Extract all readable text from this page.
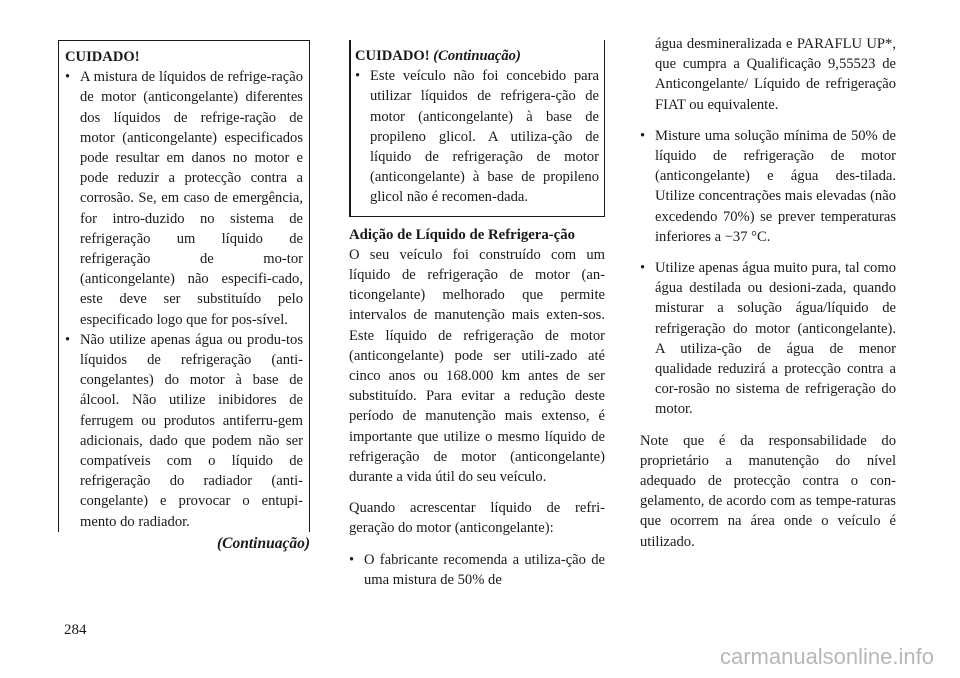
CUIDADO!
• A mistura de líquidos de refrige-ração de motor (anticongelante) diferentes dos líquidos de refrige-ração de motor (anticongelante) especificados pode resultar em danos no motor e pode reduzir a protecção contra a corrosão. Se, em caso de emergência, for intro-duzido no sistema de refrigeração um líquido de refrigeração de mo-tor (anticongelante) não especifi-cado, este deve ser substituído pelo especificado logo que for pos-sível.
• Não utilize apenas água ou produ-tos líquidos de refrigeração (anti-congelantes) do motor à base de álcool. Não utilize inibidores de ferrugem ou produtos antiferru-gem adicionais, dado que podem não ser compatíveis com o líquido de refrigeração do radiador (anti-congelante) e provocar o entupi-mento do radiador.
(Continuação)
CUIDADO! (Continuação)
• Este veículo não foi concebido para utilizar líquidos de refrigera-ção de motor (anticongelante) à base de propileno glicol. A utiliza-ção de líquido de refrigeração de motor (anticongelante) à base de propileno glicol não é recomen-dada.
Adição de Líquido de Refrigera-ção

O seu veículo foi construído com um líquido de refrigeração de motor (an-ticongelante) melhorado que permite intervalos de manutenção mais exten-sos. Este líquido de refrigeração de motor (anticongelante) pode ser utili-zado até cinco anos ou 168.000 km antes de ser substituído. Para evitar a redução deste período de manutenção mais extenso, é importante que utilize o mesmo líquido de refrigeração de motor (anticongelante) durante a vida útil do seu veículo.

Quando acrescentar líquido de refri-geração do motor (anticongelante):

• O fabricante recomenda a utiliza-ção de uma mistura de 50% de

água desmineralizada e PARAFLU UP*, que cumpra a Qualificação 9,55523 de Anticongelante/ Líquido de refrigeração FIAT ou equivalente.

• Misture uma solução mínima de 50% de líquido de refrigeração de motor (anticongelante) e água des-tilada. Utilize concentrações mais elevadas (não excedendo 70%) se prever temperaturas inferiores a −37 °C.
• Utilize apenas água muito pura, tal como água destilada ou desioni-zada, quando misturar a solução água/líquido de refrigeração do motor (anticongelante). A utiliza-ção de água de menor qualidade reduzirá a protecção contra a cor-rosão no sistema de refrigeração do motor.

Note que é da responsabilidade do proprietário a manutenção do nível adequado de protecção contra o con-gelamento, de acordo com as tempe-raturas que ocorrem na área onde o veículo é utilizado.

284
carmanualsonline.info
